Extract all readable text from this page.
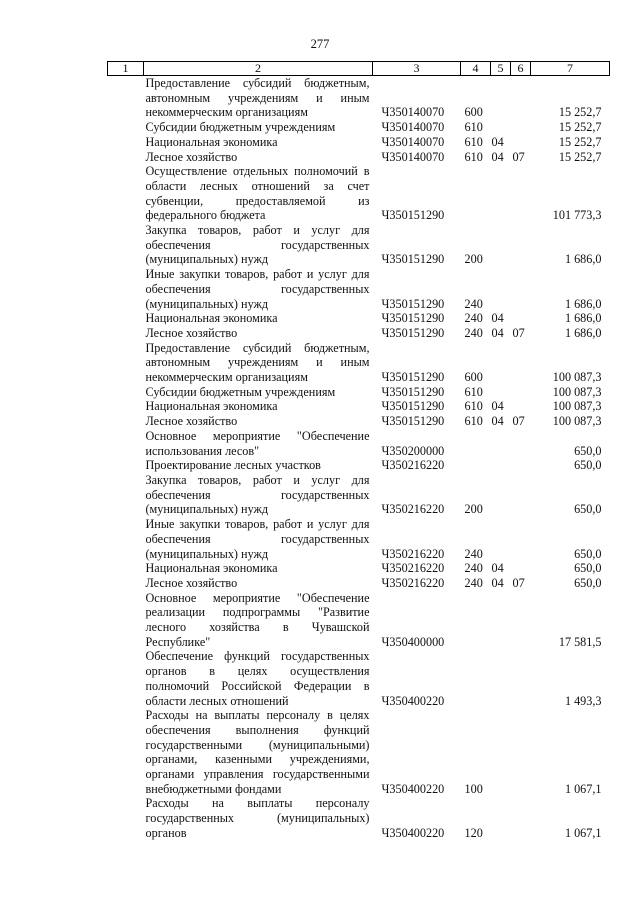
277
1	2	3	4	5	6	7
	Предоставление субсидий бюджетным, автономным учреждениям и иным некоммерческим организациям	Ч350140070	600			15 252,7
	Субсидии бюджетным учреждениям	Ч350140070	610			15 252,7
	Национальная экономика	Ч350140070	610	04		15 252,7
	Лесное хозяйство	Ч350140070	610	04	07	15 252,7
	Осуществление отдельных полномочий в области лесных отношений за счет субвенции, предоставляемой из федерального бюджета	Ч350151290				101 773,3
	Закупка товаров, работ и услуг для обеспечения государственных (муниципальных) нужд	Ч350151290	200			1 686,0
	Иные закупки товаров, работ и услуг для обеспечения государственных (муниципальных) нужд	Ч350151290	240			1 686,0
	Национальная экономика	Ч350151290	240	04		1 686,0
	Лесное хозяйство	Ч350151290	240	04	07	1 686,0
	Предоставление субсидий бюджетным, автономным учреждениям и иным некоммерческим организациям	Ч350151290	600			100 087,3
	Субсидии бюджетным учреждениям	Ч350151290	610			100 087,3
	Национальная экономика	Ч350151290	610	04		100 087,3
	Лесное хозяйство	Ч350151290	610	04	07	100 087,3
	Основное мероприятие "Обеспечение использования лесов"	Ч350200000				650,0
	Проектирование лесных участков	Ч350216220				650,0
	Закупка товаров, работ и услуг для обеспечения государственных (муниципальных) нужд	Ч350216220	200			650,0
	Иные закупки товаров, работ и услуг для обеспечения государственных (муниципальных) нужд	Ч350216220	240			650,0
	Национальная экономика	Ч350216220	240	04		650,0
	Лесное хозяйство	Ч350216220	240	04	07	650,0
	Основное мероприятие "Обеспечение реализации подпрограммы "Развитие лесного хозяйства в Чувашской Республике"	Ч350400000				17 581,5
	Обеспечение функций государственных органов в целях осуществления полномочий Российской Федерации в области лесных отношений	Ч350400220				1 493,3
	Расходы на выплаты персоналу в целях обеспечения выполнения функций государственными (муниципальными) органами, казенными учреждениями, органами управления государственными внебюджетными фондами	Ч350400220	100			1 067,1
	Расходы на выплаты персоналу государственных (муниципальных) органов	Ч350400220	120			1 067,1
